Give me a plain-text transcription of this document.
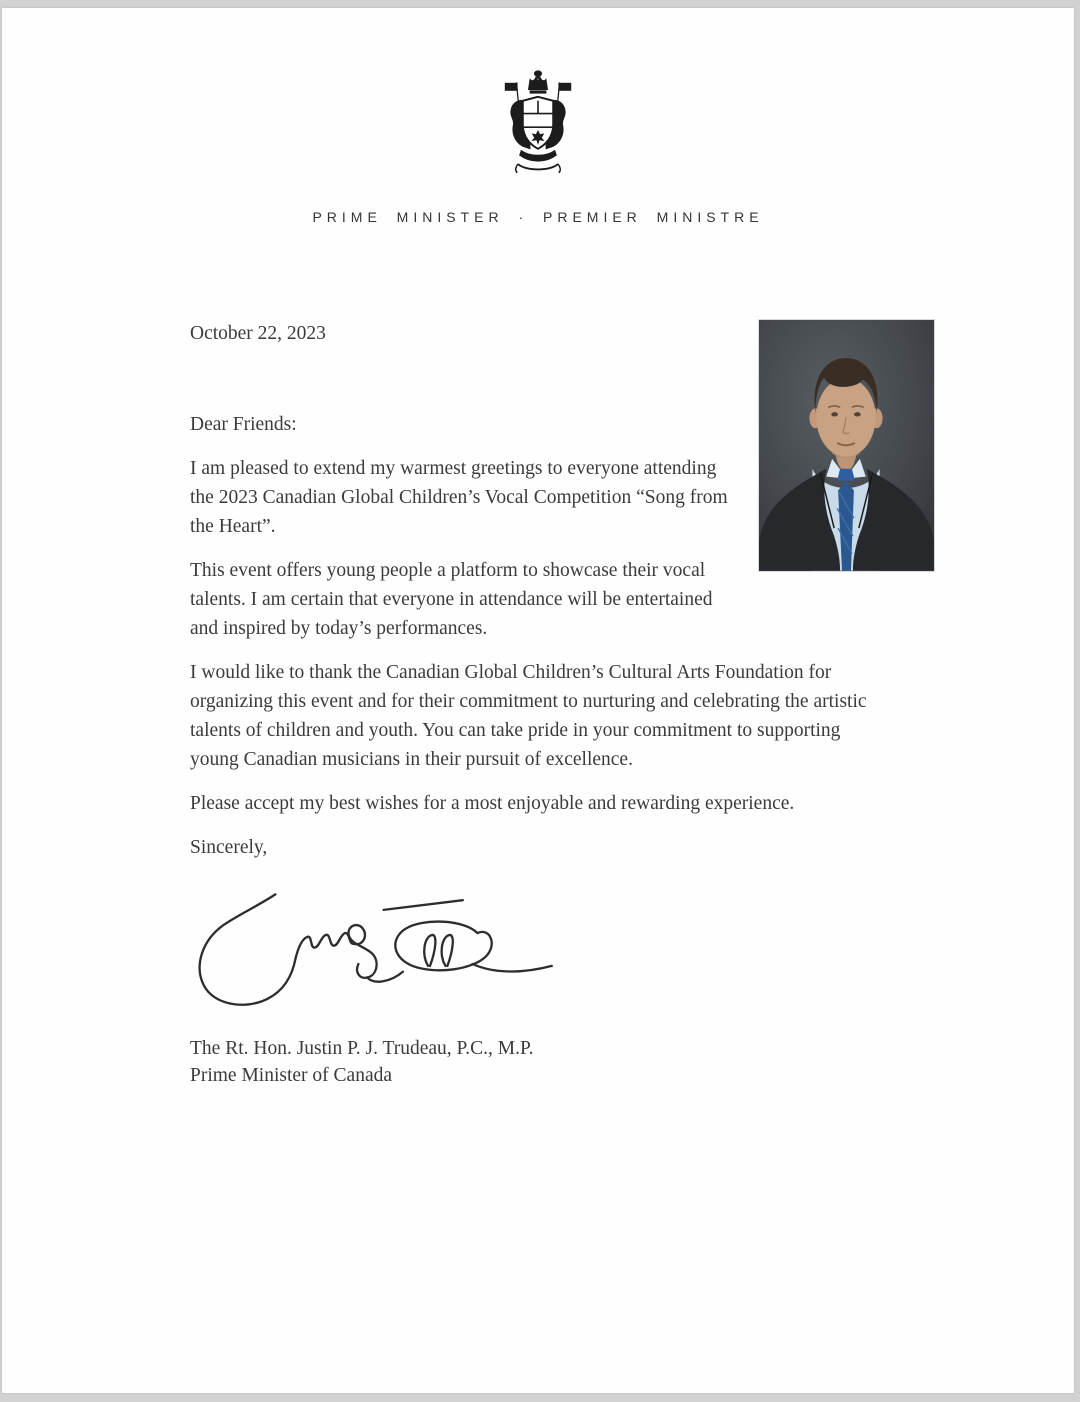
PRIME MINISTER · PREMIER MINISTRE

October 22, 2023

Dear Friends:

I am pleased to extend my warmest greetings to everyone attending the 2023 Canadian Global Children’s Vocal Competition “Song from the Heart”.

This event offers young people a platform to showcase their vocal talents. I am certain that everyone in attendance will be entertained and inspired by today’s performances.

I would like to thank the Canadian Global Children’s Cultural Arts Foundation for organizing this event and for their commitment to nurturing and celebrating the artistic talents of children and youth. You can take pride in your commitment to supporting young Canadian musicians in their pursuit of excellence.

Please accept my best wishes for a most enjoyable and rewarding experience.

Sincerely,

The Rt. Hon. Justin P. J. Trudeau, P.C., M.P.

Prime Minister of Canada
